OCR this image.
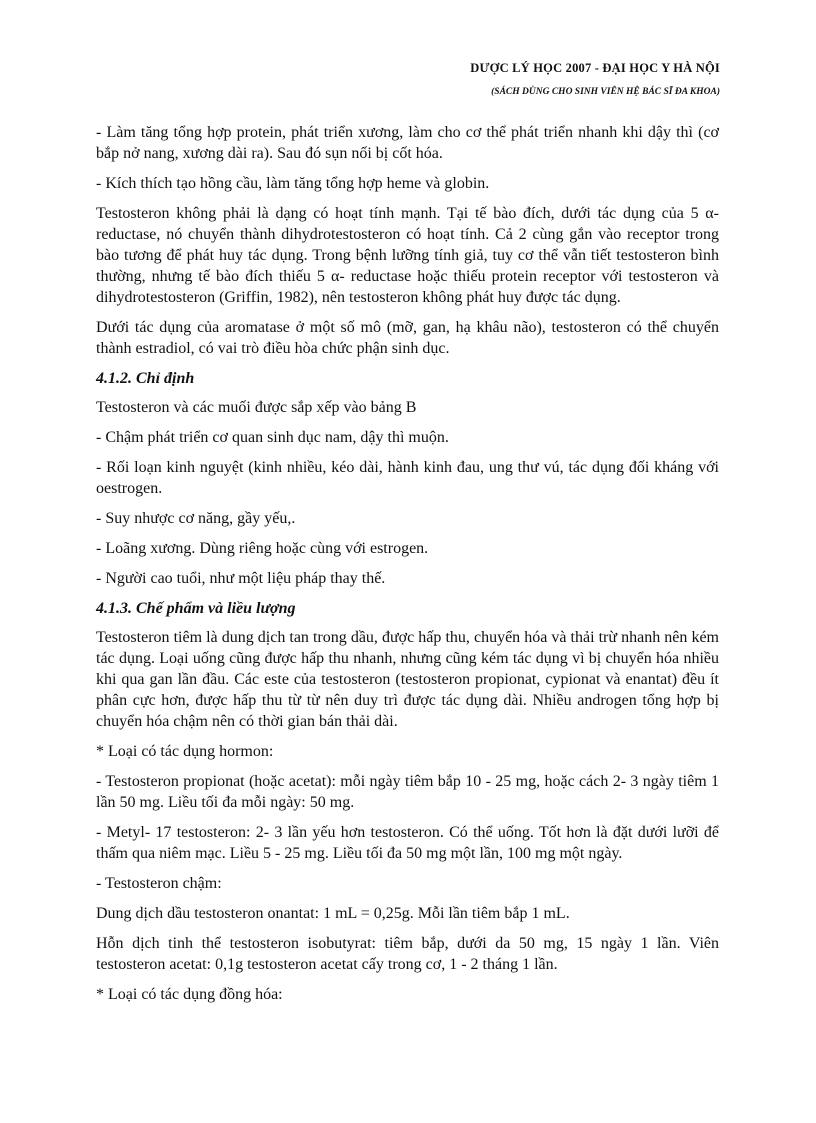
DƯỢC LÝ HỌC 2007 - ĐẠI HỌC Y HÀ NỘI
(SÁCH DÙNG CHO SINH VIÊN HỆ BÁC SĨ ĐA KHOA)

- Làm tăng tổng hợp protein, phát triển xương, làm cho cơ thể phát triển nhanh khi dậy thì (cơ bắp nở nang, xương dài ra). Sau đó sụn nối bị cốt hóa.

- Kích thích tạo hồng cầu, làm tăng tổng hợp heme và globin.

Testosteron không phải là dạng có hoạt tính mạnh. Tại tế bào đích, dưới tác dụng của 5 α-reductase, nó chuyển thành dihydrotestosteron có hoạt tính. Cả 2 cùng gắn vào receptor trong bào tương để phát huy tác dụng. Trong bệnh lưỡng tính giả, tuy cơ thể vẫn tiết testosteron bình thường, nhưng tế bào đích thiếu 5 α- reductase hoặc thiếu protein receptor với testosteron và dihydrotestosteron (Griffin, 1982), nên testosteron không phát huy được tác dụng.

Dưới tác dụng của aromatase ở một số mô (mỡ, gan, hạ khâu não), testosteron có thể chuyển thành estradiol, có vai trò điều hòa chức phận sinh dục.

4.1.2. Chỉ định

Testosteron và các muối được sắp xếp vào bảng B

- Chậm phát triển cơ quan sinh dục nam, dậy thì muộn.

- Rối loạn kinh nguyệt (kinh nhiều, kéo dài, hành kinh đau, ung thư vú, tác dụng đối kháng với oestrogen.

- Suy nhược cơ năng, gầy yếu,.

- Loãng xương. Dùng riêng hoặc cùng với estrogen.

- Người cao tuổi, như một liệu pháp thay thế.

4.1.3. Chế phẩm và liều lượng

Testosteron tiêm là dung dịch tan trong dầu, được hấp thu, chuyển hóa và thải trừ nhanh nên kém tác dụng. Loại uống cũng được hấp thu nhanh, nhưng cũng kém tác dụng vì bị chuyển hóa nhiều khi qua gan lần đầu. Các este của testosteron (testosteron propionat, cypionat và enantat) đều ít phân cực hơn, được hấp thu từ từ nên duy trì được tác dụng dài. Nhiều androgen tổng hợp bị chuyển hóa chậm nên có thời gian bán thải dài.

* Loại có tác dụng hormon:

- Testosteron propionat (hoặc acetat): mỗi ngày tiêm bắp 10 - 25 mg, hoặc cách 2- 3 ngày tiêm 1 lần 50 mg. Liều tối đa mỗi ngày: 50 mg.

- Metyl- 17 testosteron: 2- 3 lần yếu hơn testosteron. Có thể uống. Tốt hơn là đặt dưới lưỡi để thấm qua niêm mạc. Liều 5 - 25 mg. Liều tối đa 50 mg một lần, 100 mg một ngày.

- Testosteron chậm:

Dung dịch dầu testosteron onantat: 1 mL = 0,25g. Mỗi lần tiêm bắp 1 mL.

Hỗn dịch tinh thể testosteron isobutyrat: tiêm bắp, dưới da 50 mg, 15 ngày 1 lần. Viên testosteron acetat: 0,1g testosteron acetat cấy trong cơ, 1 - 2 tháng 1 lần.

* Loại có tác dụng đồng hóa:
